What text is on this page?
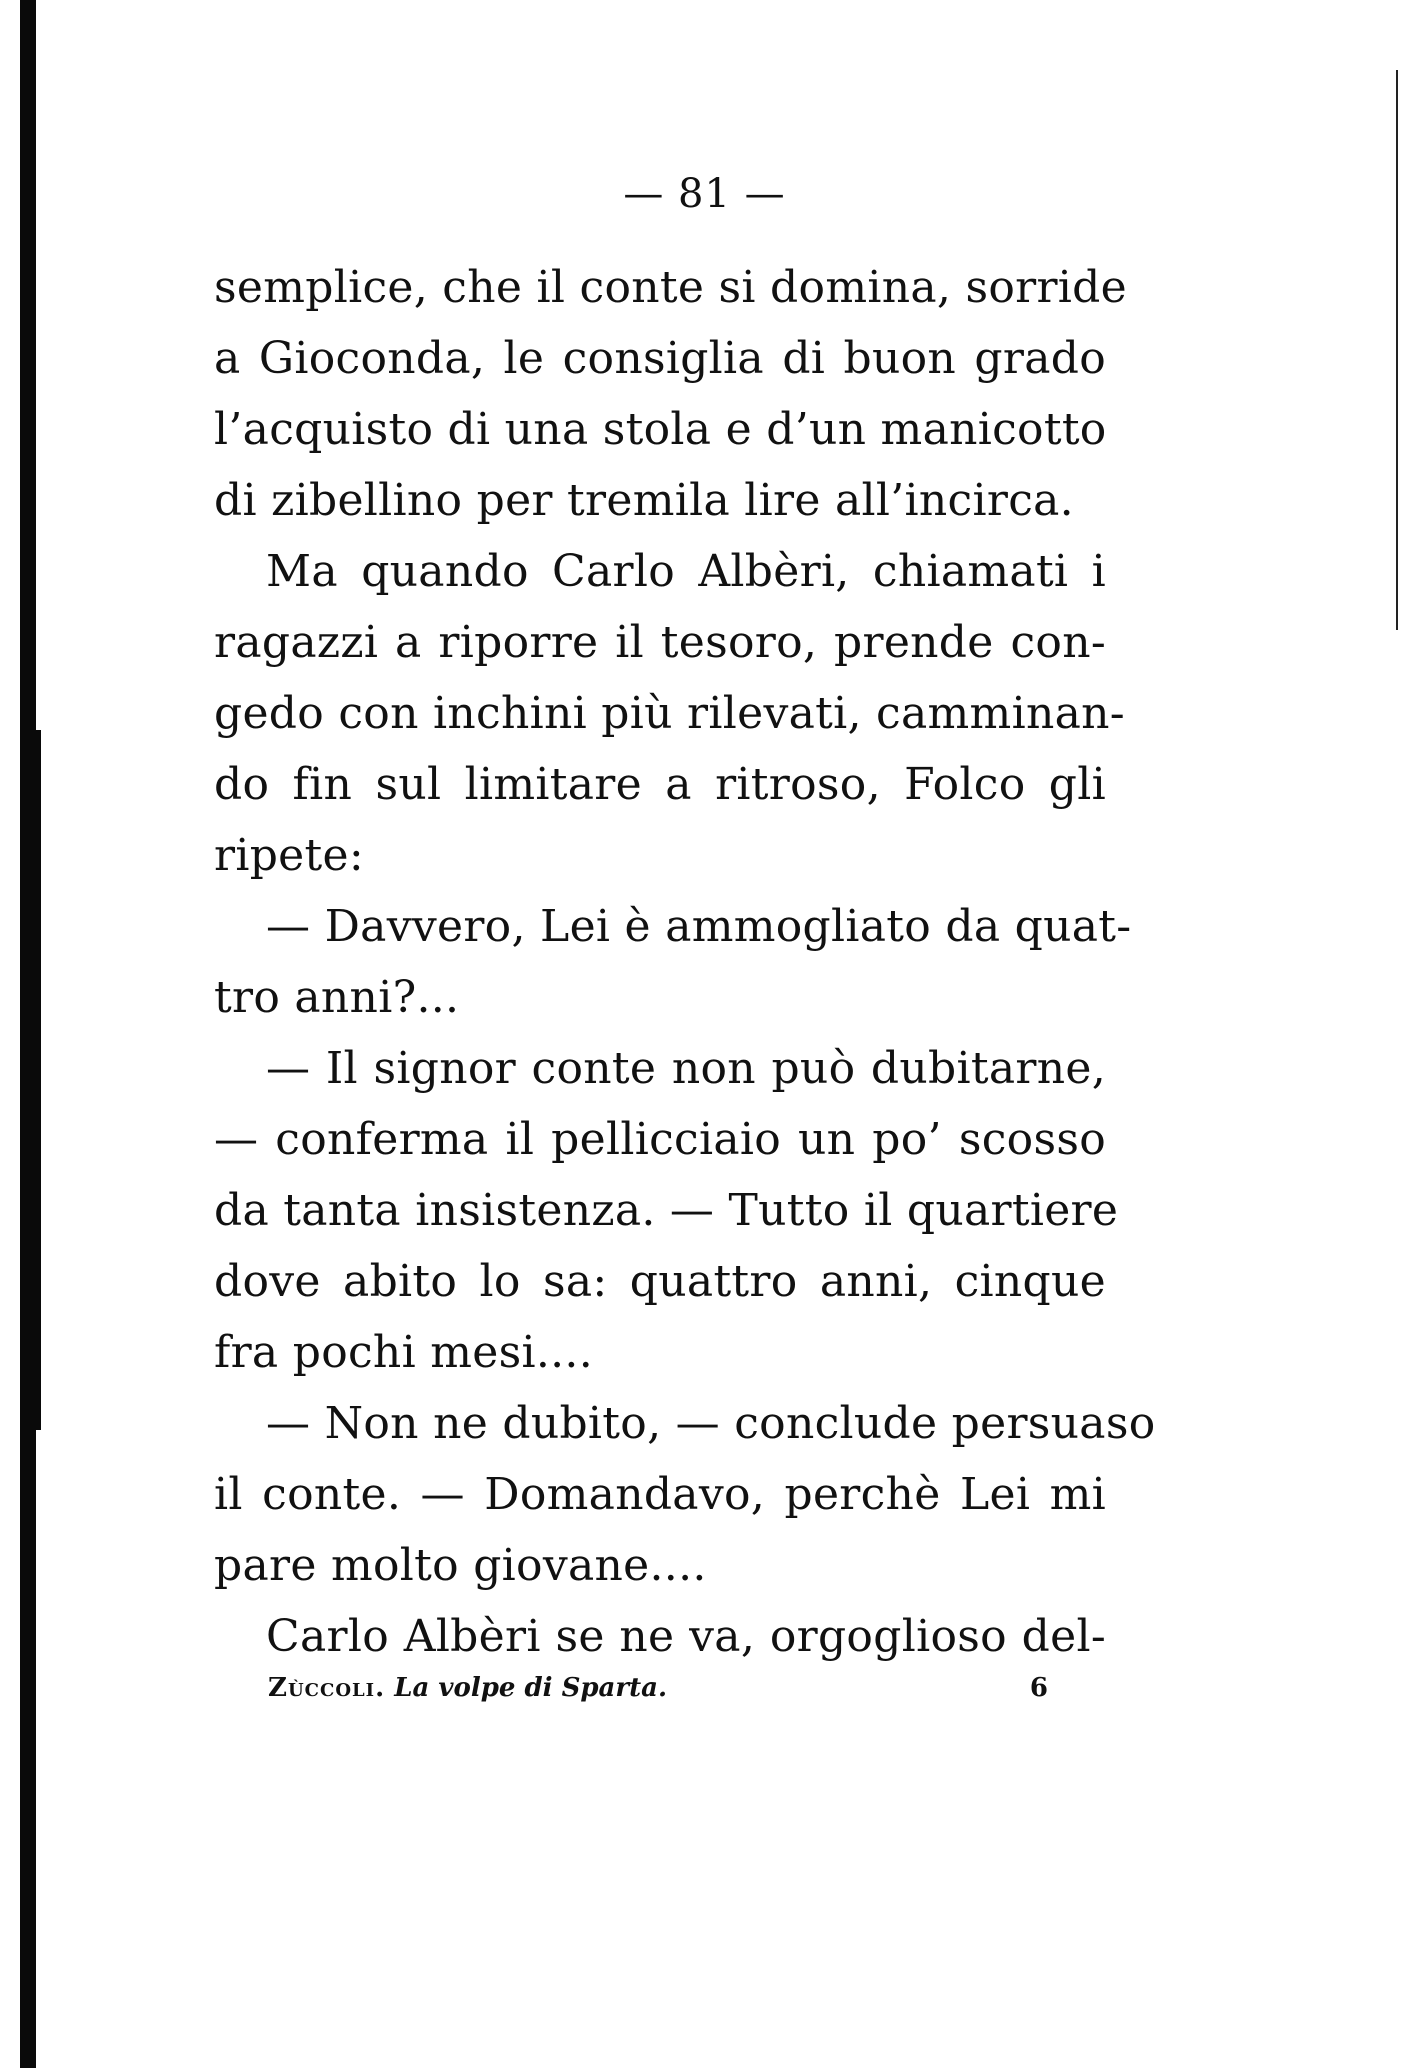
— 81 —
semplice, che il conte si domina, sorride
a Gioconda, le consiglia di buon grado
l’acquisto di una stola e d’un manicotto
di zibellino per tremila lire all’incirca.
Ma quando Carlo Albèri, chiamati i
ragazzi a riporre il tesoro, prende con-
gedo con inchini più rilevati, camminan-
do fin sul limitare a ritroso, Folco gli
ripete:
— Davvero, Lei è ammogliato da quat-
tro anni?...
— Il signor conte non può dubitarne,
— conferma il pellicciaio un po’ scosso
da tanta insistenza. — Tutto il quartiere
dove abito lo sa: quattro anni, cinque
fra pochi mesi....
— Non ne dubito, — conclude persuaso
il conte. — Domandavo, perchè Lei mi
pare molto giovane....
Carlo Albèri se ne va, orgoglioso del-
Zùccoli. La volpe di Sparta.	6
